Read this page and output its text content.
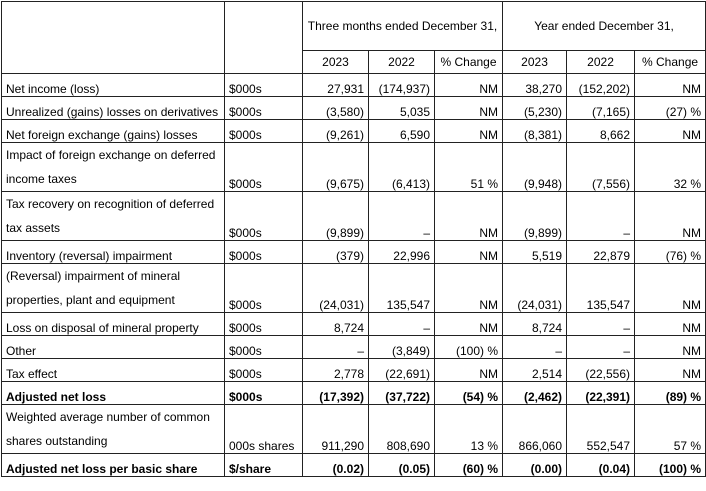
		Three months ended December 31,			Year ended December 31,		
		2023	2022	% Change	2023	2022	% Change
Net income (loss)	$000s	27,931	(174,937)	NM	38,270	(152,202)	NM
Unrealized (gains) losses on derivatives	$000s	(3,580)	5,035	NM	(5,230)	(7,165)	(27) %
Net foreign exchange (gains) losses	$000s	(9,261)	6,590	NM	(8,381)	8,662	NM
Impact of foreign exchange on deferred income taxes	$000s	(9,675)	(6,413)	51 %	(9,948)	(7,556)	32 %
Tax recovery on recognition of deferred tax assets	$000s	(9,899)	–	NM	(9,899)	–	NM
Inventory (reversal) impairment	$000s	(379)	22,996	NM	5,519	22,879	(76) %
(Reversal) impairment of mineral properties, plant and equipment	$000s	(24,031)	135,547	NM	(24,031)	135,547	NM
Loss on disposal of mineral property	$000s	8,724	–	NM	8,724	–	NM
Other	$000s	–	(3,849)	(100) %	–	–	NM
Tax effect	$000s	2,778	(22,691)	NM	2,514	(22,556)	NM
Adjusted net loss	$000s	(17,392)	(37,722)	(54) %	(2,462)	(22,391)	(89) %
Weighted average number of common shares outstanding	000s shares	911,290	808,690	13 %	866,060	552,547	57 %
Adjusted net loss per basic share	$/share	(0.02)	(0.05)	(60) %	(0.00)	(0.04)	(100) %
